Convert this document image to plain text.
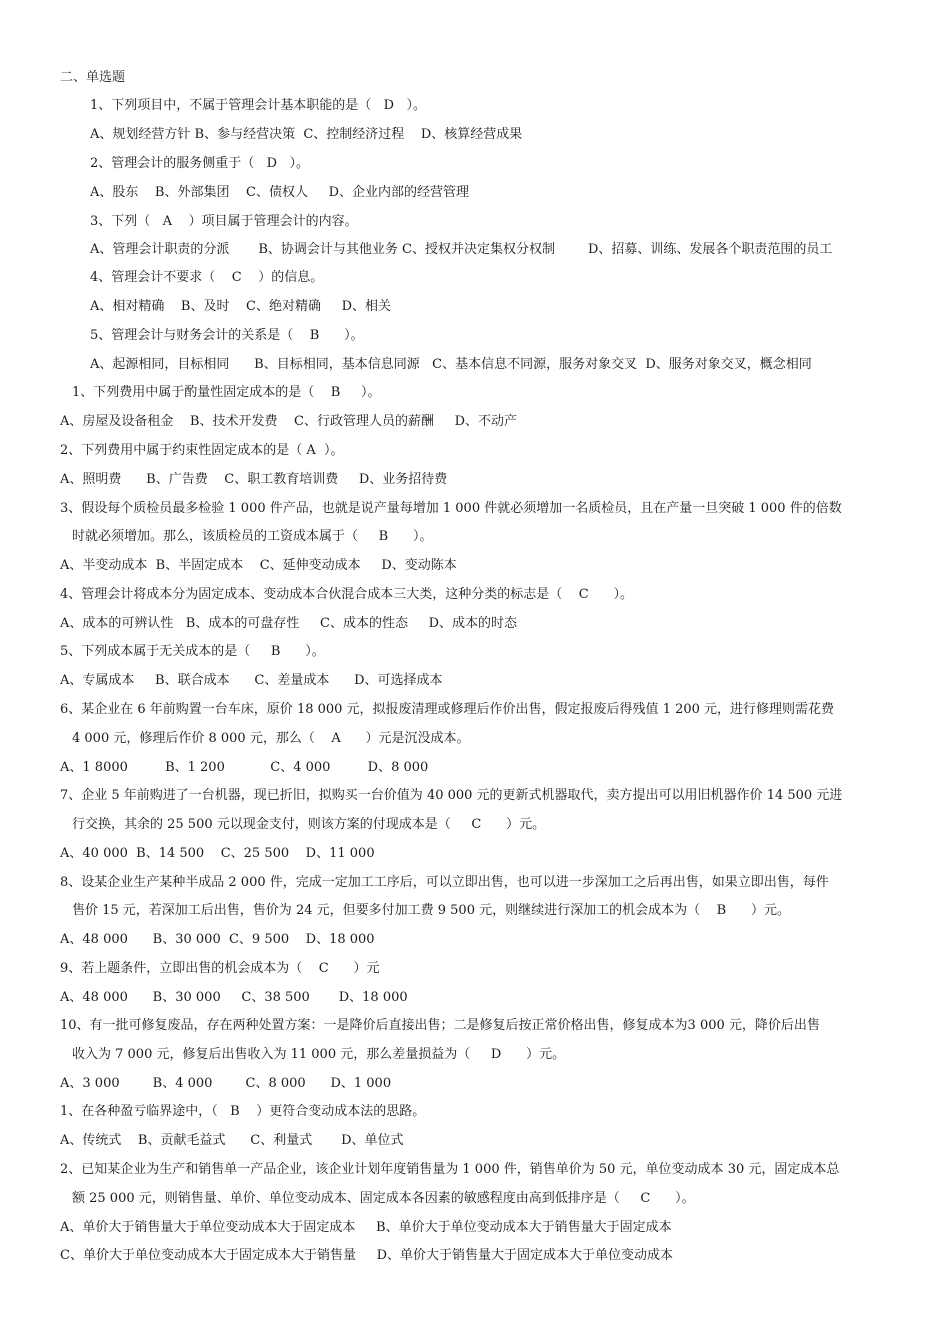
二、单选题
1、下列项目中，不属于管理会计基本职能的是（   D   ）。
A、规划经营方针 B、参与经营决策  C、控制经济过程    D、核算经营成果
2、管理会计的服务侧重于（   D   ）。
A、股东    B、外部集团    C、债权人     D、企业内部的经营管理
3、下列（   A    ）项目属于管理会计的内容。
A、管理会计职责的分派       B、协调会计与其他业务 C、授权并决定集权分权制        D、招募、训练、发展各个职责范围的员工
4、管理会计不要求（    C    ）的信息。
A、相对精确    B、及时    C、绝对精确     D、相关
5、管理会计与财务会计的关系是（    B      ）。
A、起源相同，目标相同      B、目标相同，基本信息同源   C、基本信息不同源，服务对象交叉  D、服务对象交叉，概念相同
1、下列费用中属于酌量性固定成本的是（    B     ）。
A、房屋及设备租金    B、技术开发费    C、行政管理人员的薪酬     D、不动产
2、下列费用中属于约束性固定成本的是（ A  ）。
A、照明费      B、广告费    C、职工教育培训费     D、业务招待费
3、假设每个质检员最多检验 1 000 件产品，也就是说产量每增加 1 000 件就必须增加一名质检员，且在产量一旦突破 1 000 件的倍数
时就必须增加。那么，该质检员的工资成本属于（     B      ）。
A、半变动成本  B、半固定成本    C、延伸变动成本     D、变动陈本
4、管理会计将成本分为固定成本、变动成本合伙混合成本三大类，这种分类的标志是（    C      ）。
A、成本的可辨认性   B、成本的可盘存性     C、成本的性态     D、成本的时态
5、下列成本属于无关成本的是（     B      ）。
A、专属成本     B、联合成本      C、差量成本      D、可选择成本
6、某企业在 6 年前购置一台车床，原价 18 000 元，拟报废清理或修理后作价出售，假定报废后得残值 1 200 元，进行修理则需花费
4 000 元，修理后作价 8 000 元，那么（    A      ）元是沉没成本。
A、1 8000         B、1 200           C、4 000         D、8 000
7、企业 5 年前购进了一台机器，现已折旧，拟购买一台价值为 40 000 元的更新式机器取代，卖方提出可以用旧机器作价 14 500 元进
行交换，其余的 25 500 元以现金支付，则该方案的付现成本是（     C      ）元。
A、40 000  B、14 500    C、25 500    D、11 000
8、设某企业生产某种半成品 2 000 件，完成一定加工工序后，可以立即出售，也可以进一步深加工之后再出售，如果立即出售，每件
售价 15 元，若深加工后出售，售价为 24 元，但要多付加工费 9 500 元，则继续进行深加工的机会成本为（    B      ）元。
A、48 000      B、30 000  C、9 500    D、18 000
9、若上题条件，立即出售的机会成本为（    C      ）元
A、48 000      B、30 000     C、38 500       D、18 000
10、有一批可修复废品，存在两种处置方案：一是降价后直接出售；二是修复后按正常价格出售，修复成本为3 000 元，降价后出售
收入为 7 000 元，修复后出售收入为 11 000 元，那么差量损益为（     D      ）元。
A、3 000        B、4 000        C、8 000      D、1 000
1、在各种盈亏临界途中，（   B    ）更符合变动成本法的思路。
A、传统式    B、贡献毛益式      C、利量式       D、单位式
2、已知某企业为生产和销售单一产品企业，该企业计划年度销售量为 1 000 件，销售单价为 50 元，单位变动成本 30 元，固定成本总
额 25 000 元，则销售量、单价、单位变动成本、固定成本各因素的敏感程度由高到低排序是（     C      ）。
A、单价大于销售量大于单位变动成本大于固定成本     B、单价大于单位变动成本大于销售量大于固定成本
C、单价大于单位变动成本大于固定成本大于销售量     D、单价大于销售量大于固定成本大于单位变动成本
